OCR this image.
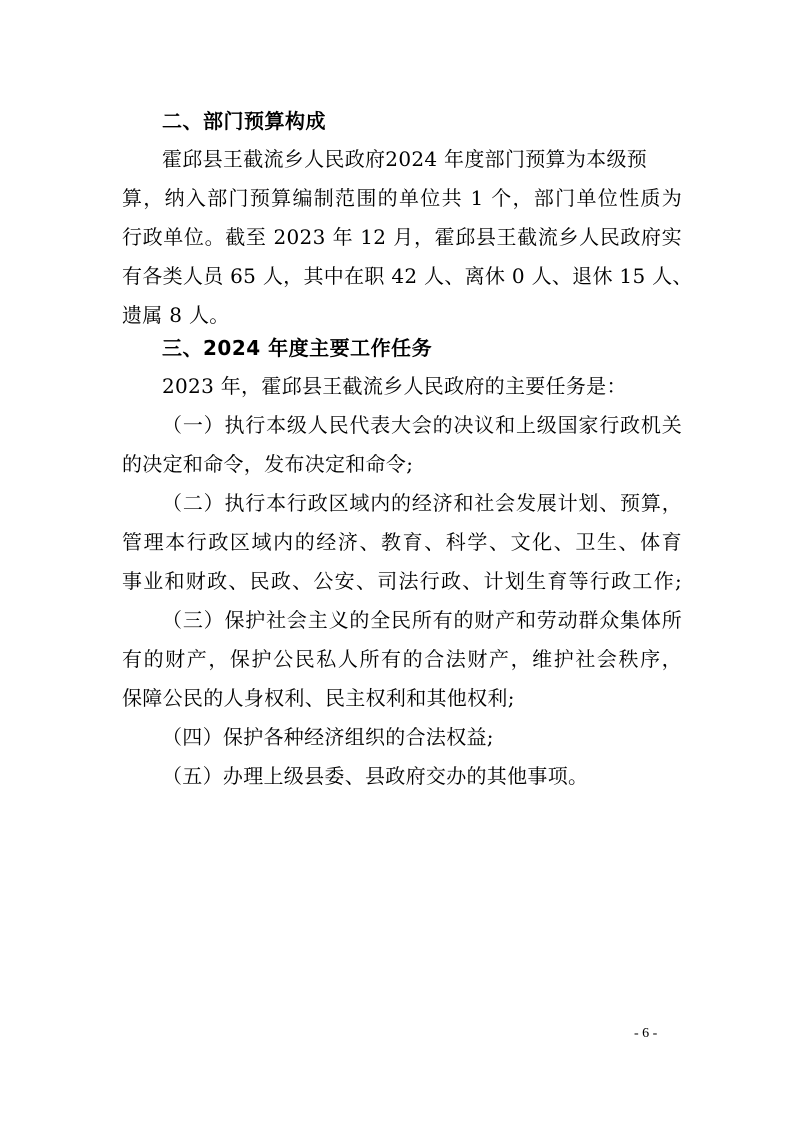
二、部门预算构成
霍邱县王截流乡人民政府2024 年度部门预算为本级预
算，纳入部门预算编制范围的单位共 1 个，部门单位性质为
行政单位。截至 2023 年 12 月，霍邱县王截流乡人民政府实
有各类人员 65 人，其中在职 42 人、离休 0 人、退休 15 人、
遗属 8 人。
三、2024 年度主要工作任务
2023 年，霍邱县王截流乡人民政府的主要任务是：
（一）执行本级人民代表大会的决议和上级国家行政机关
的决定和命令，发布决定和命令;
（二）执行本行政区域内的经济和社会发展计划、预算，
管理本行政区域内的经济、教育、科学、文化、卫生、体育
事业和财政、民政、公安、司法行政、计划生育等行政工作;
（三）保护社会主义的全民所有的财产和劳动群众集体所
有的财产，保护公民私人所有的合法财产，维护社会秩序，
保障公民的人身权利、民主权利和其他权利;
（四）保护各种经济组织的合法权益;
（五）办理上级县委、县政府交办的其他事项。
- 6 -
